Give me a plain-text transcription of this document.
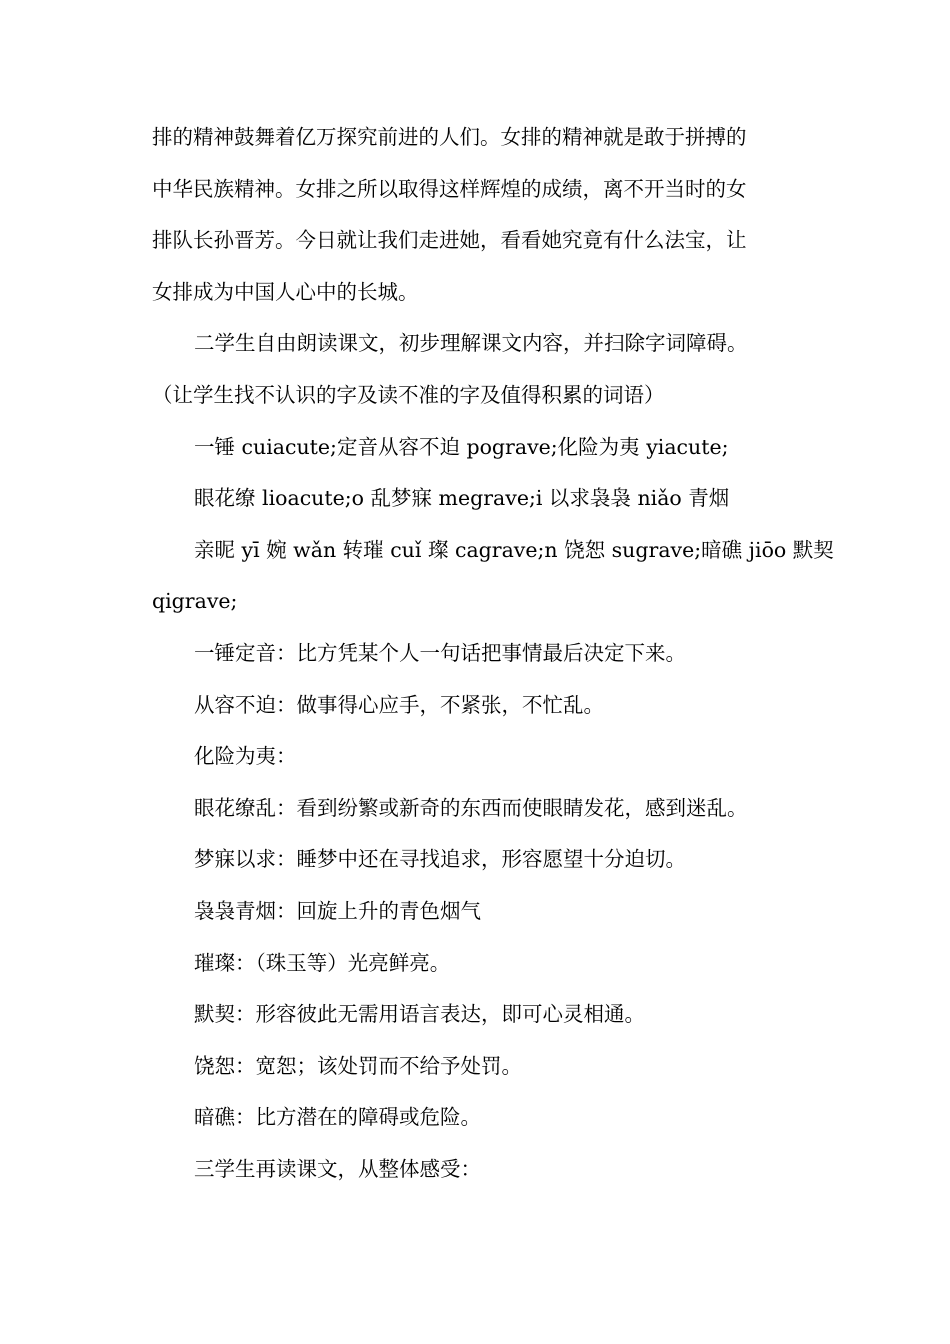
排的精神鼓舞着亿万探究前进的人们。女排的精神就是敢于拼搏的

中华民族精神。女排之所以取得这样辉煌的成绩，离不开当时的女

排队长孙晋芳。今日就让我们走进她，看看她究竟有什么法宝，让

女排成为中国人心中的长城。

二学生自由朗读课文，初步理解课文内容，并扫除字词障碍。

（让学生找不认识的字及读不准的字及值得积累的词语）

一锤 cuiacute;定音从容不迫 pograve;化险为夷 yiacute;

眼花缭 lioacute;o 乱梦寐 megrave;i 以求袅袅 niǎo 青烟

亲昵 yī 婉 wǎn 转璀 cuǐ 璨 cagrave;n 饶恕 sugrave;暗礁 jiōo 默契

qigrave;

一锤定音：比方凭某个人一句话把事情最后决定下来。

从容不迫：做事得心应手，不紧张，不忙乱。

化险为夷：

眼花缭乱：看到纷繁或新奇的东西而使眼睛发花，感到迷乱。

梦寐以求：睡梦中还在寻找追求，形容愿望十分迫切。

袅袅青烟：回旋上升的青色烟气

璀璨：（珠玉等）光亮鲜亮。

默契：形容彼此无需用语言表达，即可心灵相通。

饶恕：宽恕；该处罚而不给予处罚。

暗礁：比方潜在的障碍或危险。

三学生再读课文，从整体感受：
